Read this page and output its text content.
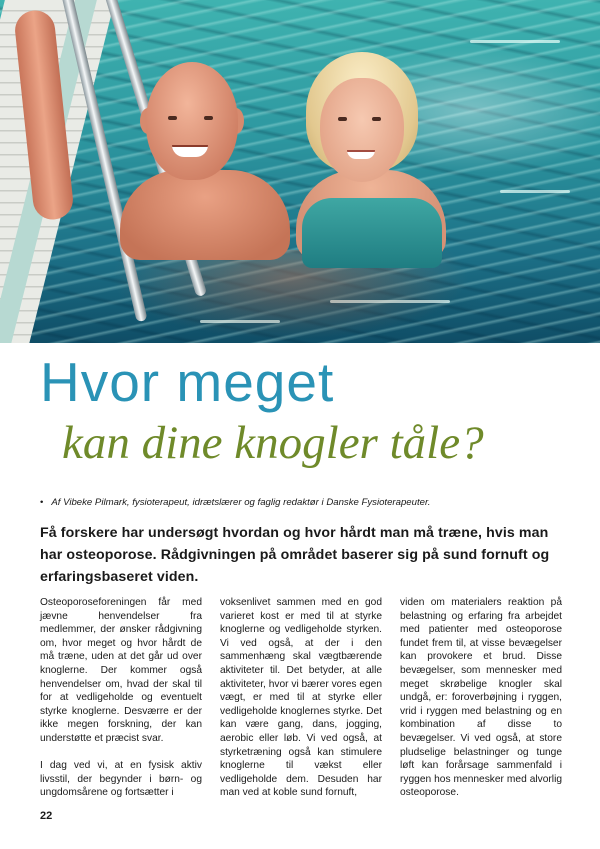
Hvor meget
kan dine knogler tåle?
• Af Vibeke Pilmark, fysioterapeut, idrætslærer og faglig redaktør i Danske Fysioterapeuter.
Få forskere har undersøgt hvordan og hvor hårdt man må træne, hvis man har osteoporose. Rådgivningen på området baserer sig på sund fornuft og erfaringsbaseret viden.

Osteoporoseforeningen får med jævne henvendelser fra medlemmer, der ønsker rådgivning om, hvor meget og hvor hårdt de må træne, uden at det går ud over knoglerne. Der kommer også henvendelser om, hvad der skal til for at vedligeholde og eventuelt styrke knoglerne. Desværre er der ikke megen forskning, der kan understøtte et præcist svar.

I dag ved vi, at en fysisk aktiv livsstil, der begynder i børn- og ungdomsårene og fortsætter i

voksenlivet sammen med en god varieret kost er med til at styrke knoglerne og vedligeholde styrken. Vi ved også, at der i den sammenhæng skal vægtbærende aktiviteter til. Det betyder, at alle aktiviteter, hvor vi bærer vores egen vægt, er med til at styrke eller vedligeholde knoglernes styrke. Det kan være gang, dans, jogging, aerobic eller løb. Vi ved også, at styrketræning også kan stimulere knoglerne til vækst eller vedligeholde dem. Desuden har man ved at koble sund fornuft,

viden om materialers reaktion på belastning og erfaring fra arbejdet med patienter med osteoporose fundet frem til, at visse bevægelser kan provokere et brud. Disse bevægelser, som mennesker med meget skrøbelige knogler skal undgå, er: foroverbøjning i ryggen, vrid i ryggen med belastning og en kombination af disse to bevægelser. Vi ved også, at store pludselige belastninger og tunge løft kan forårsage sammenfald i ryggen hos mennesker med alvorlig osteoporose.

22
